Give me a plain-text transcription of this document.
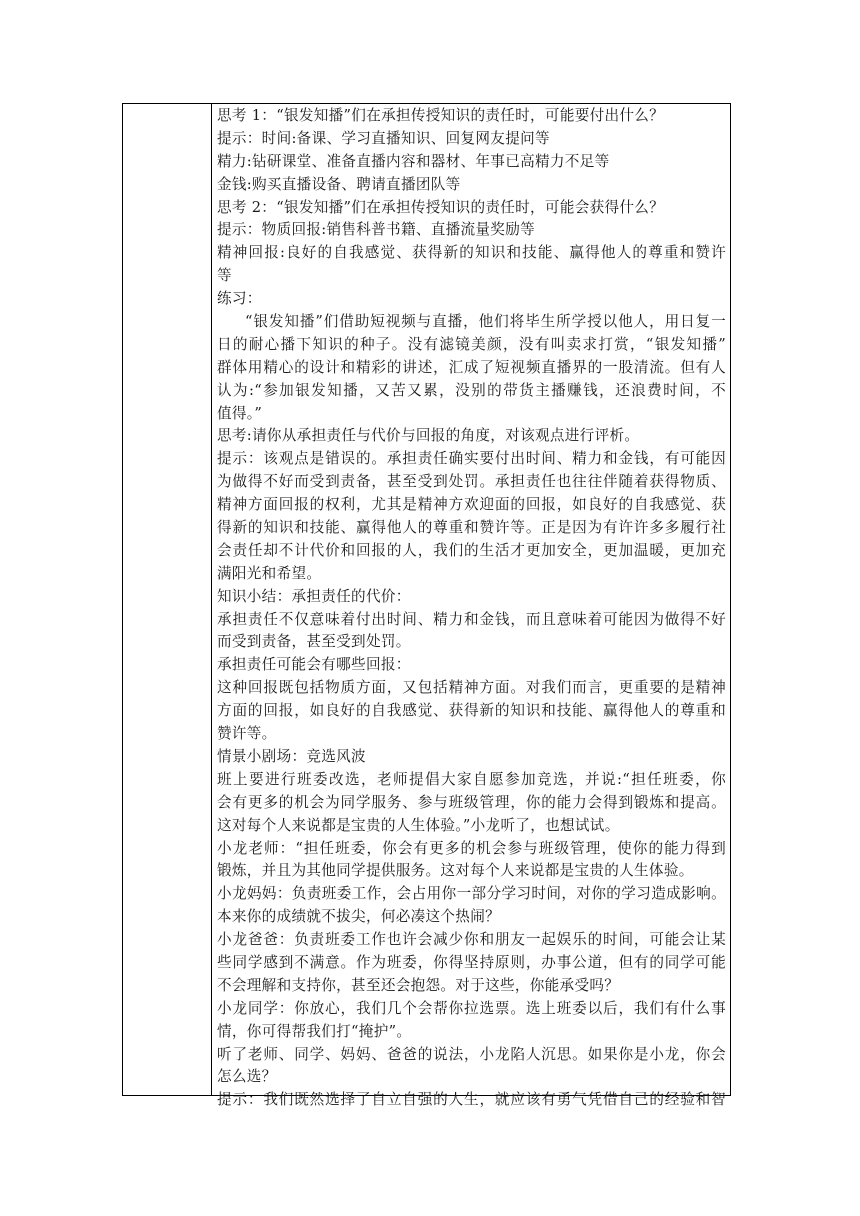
思考 1：“银发知播”们在承担传授知识的责任时，可能要付出什么？
提示：时间:备课、学习直播知识、回复网友提问等
精力:钻研课堂、准备直播内容和器材、年事已高精力不足等
金钱:购买直播设备、聘请直播团队等
思考 2：“银发知播”们在承担传授知识的责任时，可能会获得什么？
提示：物质回报:销售科普书籍、直播流量奖励等
精神回报:良好的自我感觉、获得新的知识和技能、赢得他人的尊重和赞许
等
练习：
“银发知播”们借助短视频与直播，他们将毕生所学授以他人，用日复一
日的耐心播下知识的种子。没有滤镜美颜，没有叫卖求打赏，“银发知播”
群体用精心的设计和精彩的讲述，汇成了短视频直播界的一股清流。但有人
认为:“参加银发知播，又苦又累，没别的带货主播赚钱，还浪费时间，不
值得。”
思考:请你从承担责任与代价与回报的角度，对该观点进行评析。
提示：该观点是错误的。承担责任确实要付出时间、精力和金钱，有可能因
为做得不好而受到责备，甚至受到处罚。承担责任也往往伴随着获得物质、
精神方面回报的权利，尤其是精神方欢迎面的回报，如良好的自我感觉、获
得新的知识和技能、赢得他人的尊重和赞许等。正是因为有许许多多履行社
会责任却不计代价和回报的人，我们的生活才更加安全，更加温暖，更加充
满阳光和希望。
知识小结：承担责任的代价：
承担责任不仅意味着付出时间、精力和金钱，而且意味着可能因为做得不好
而受到责备，甚至受到处罚。
承担责任可能会有哪些回报：
这种回报既包括物质方面，又包括精神方面。对我们而言，更重要的是精神
方面的回报，如良好的自我感觉、获得新的知识和技能、赢得他人的尊重和
赞许等。
情景小剧场：竞选风波
班上要进行班委改选，老师提倡大家自愿参加竞选，并说:“担任班委，你
会有更多的机会为同学服务、参与班级管理，你的能力会得到锻炼和提高。
这对每个人来说都是宝贵的人生体验。”小龙听了，也想试试。
小龙老师：“担任班委，你会有更多的机会参与班级管理，使你的能力得到
锻炼，并且为其他同学提供服务。这对每个人来说都是宝贵的人生体验。
小龙妈妈：负责班委工作，会占用你一部分学习时间，对你的学习造成影响。
本来你的成绩就不拔尖，何必凑这个热闹？
小龙爸爸：负责班委工作也许会减少你和朋友一起娱乐的时间，可能会让某
些同学感到不满意。作为班委，你得坚持原则，办事公道，但有的同学可能
不会理解和支持你，甚至还会抱怨。对于这些，你能承受吗？
小龙同学：你放心，我们几个会帮你拉选票。选上班委以后，我们有什么事
情，你可得帮我们打“掩护”。
听了老师、同学、妈妈、爸爸的说法，小龙陷人沉思。如果你是小龙，你会
怎么选？
提示：我们既然选择了自立自强的人生，就应该有勇气凭借自己的经验和智
